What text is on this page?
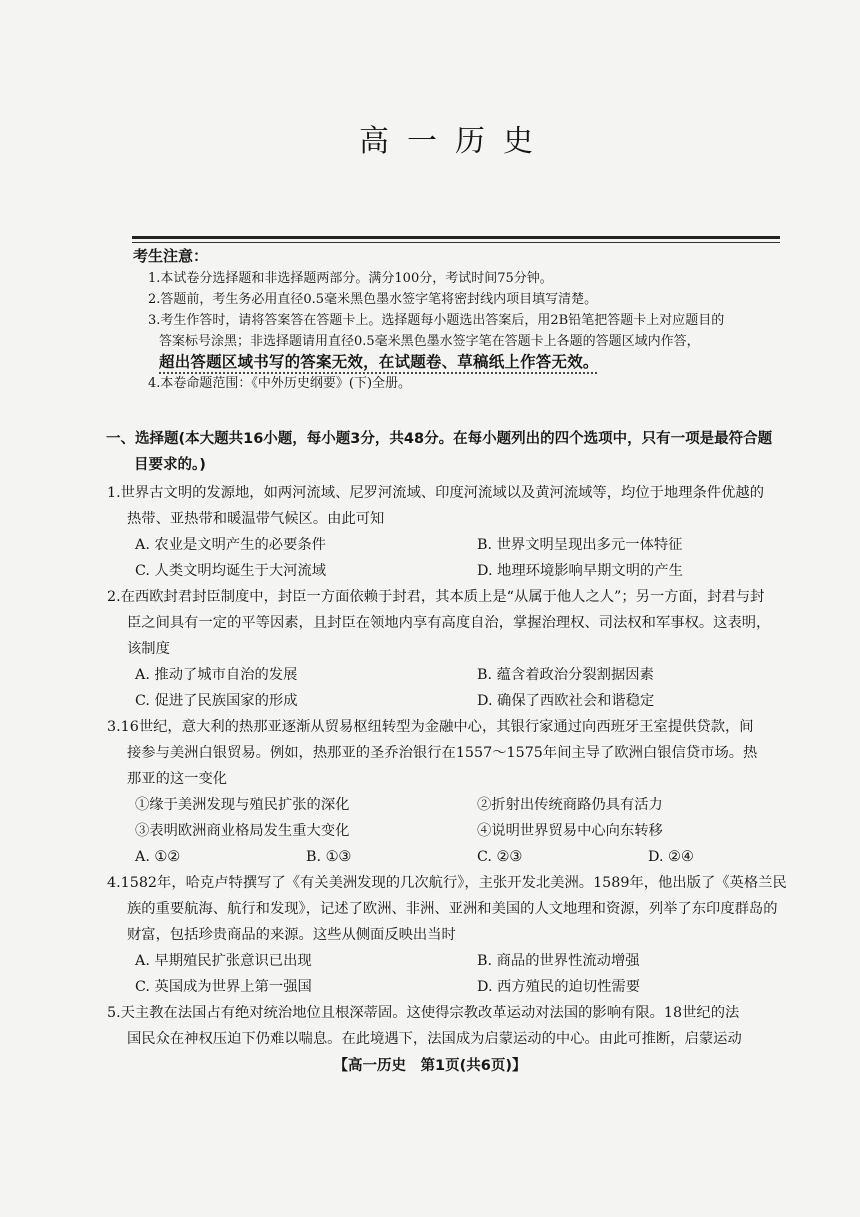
高一历史
考生注意：
1.本试卷分选择题和非选择题两部分。满分100分，考试时间75分钟。
2.答题前，考生务必用直径0.5毫米黑色墨水签字笔将密封线内项目填写清楚。
3.考生作答时，请将答案答在答题卡上。选择题每小题选出答案后，用2B铅笔把答题卡上对应题目的
答案标号涂黑；非选择题请用直径0.5毫米黑色墨水签字笔在答题卡上各题的答题区域内作答，
超出答题区域书写的答案无效，在试题卷、草稿纸上作答无效。
4.本卷命题范围：《中外历史纲要》(下)全册。
一、选择题(本大题共16小题，每小题3分，共48分。在每小题列出的四个选项中，只有一项是最符合题
目要求的。)
1.世界古文明的发源地，如两河流域、尼罗河流域、印度河流域以及黄河流域等，均位于地理条件优越的
热带、亚热带和暖温带气候区。由此可知
A. 农业是文明产生的必要条件	B. 世界文明呈现出多元一体特征
C. 人类文明均诞生于大河流域	D. 地理环境影响早期文明的产生
2.在西欧封君封臣制度中，封臣一方面依赖于封君，其本质上是“从属于他人之人”；另一方面，封君与封
臣之间具有一定的平等因素，且封臣在领地内享有高度自治，掌握治理权、司法权和军事权。这表明，
该制度
A. 推动了城市自治的发展	B. 蕴含着政治分裂割据因素
C. 促进了民族国家的形成	D. 确保了西欧社会和谐稳定
3.16世纪，意大利的热那亚逐渐从贸易枢纽转型为金融中心，其银行家通过向西班牙王室提供贷款，间
接参与美洲白银贸易。例如，热那亚的圣乔治银行在1557～1575年间主导了欧洲白银信贷市场。热
那亚的这一变化
①缘于美洲发现与殖民扩张的深化	②折射出传统商路仍具有活力
③表明欧洲商业格局发生重大变化	④说明世界贸易中心向东转移
A. ①②	B. ①③	C. ②③	D. ②④
4.1582年，哈克卢特撰写了《有关美洲发现的几次航行》，主张开发北美洲。1589年，他出版了《英格兰民
族的重要航海、航行和发现》，记述了欧洲、非洲、亚洲和美国的人文地理和资源，列举了东印度群岛的
财富，包括珍贵商品的来源。这些从侧面反映出当时
A. 早期殖民扩张意识已出现	B. 商品的世界性流动增强
C. 英国成为世界上第一强国	D. 西方殖民的迫切性需要
5.天主教在法国占有绝对统治地位且根深蒂固。这使得宗教改革运动对法国的影响有限。18世纪的法
国民众在神权压迫下仍难以喘息。在此境遇下，法国成为启蒙运动的中心。由此可推断，启蒙运动
【高一历史　第1页(共6页)】
